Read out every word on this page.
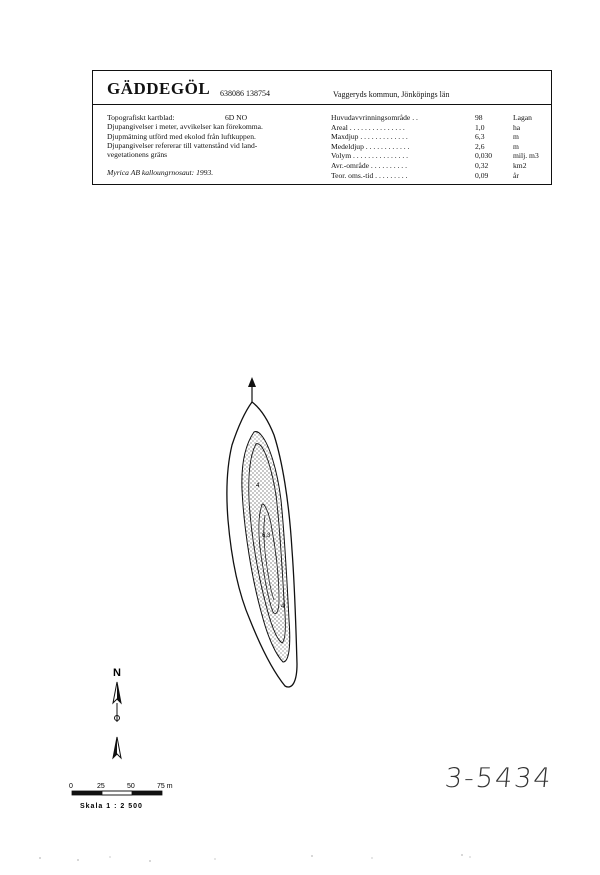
GÄDDEGÖL 638086 138754	Vaggeryds kommun, Jönköpings län
Topografiskt kartblad:	6D NO
Djupangivelser i meter, avvikelser kan förekomma.
Djupmätning utförd med ekolod från luftkuppen.
Djupangivelser refererar till vattenstånd vid land-
vegetationens gräns
Myrica AB kalloungrnosaut: 1993.
Huvudavvrinningsområde . .	98	Lagan
Areal . . . . . . . . . . . . . . .	1,0	ha
Maxdjup . . . . . . . . . . . . .	6,3	m
Medeldjup . . . . . . . . . . . .	2,6	m
Volym . . . . . . . . . . . . . . .	0,030	milj. m3
Avr.-område . . . . . . . . . .	0,32	km2
Teor. oms.-tid . . . . . . . . .	0,09	år
4
6,3
4
N
0	25	50	75 m
Skala 1 : 2 500
3-5434
